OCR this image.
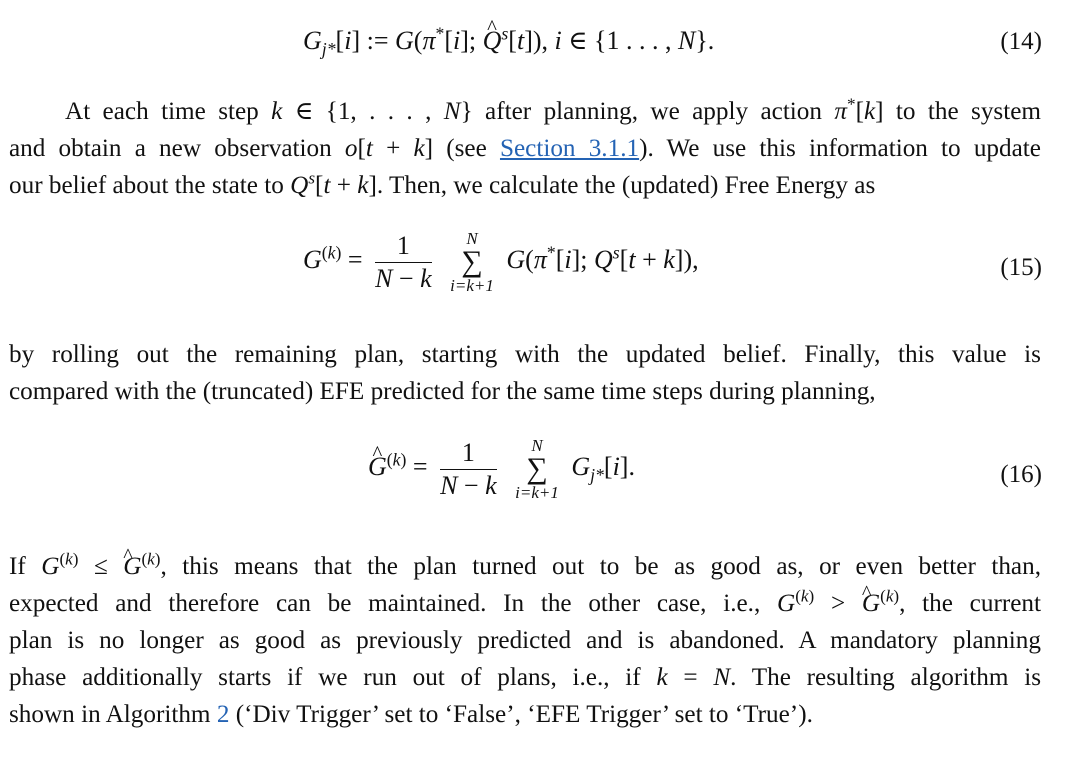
$G_{j*}[i]$ := G(π*[i]; ^ $Q^s[t]$), i ∈ {1 . . . , N}.	(14)
At each time step k ∈ {1, . . . , N} after planning, we apply action π*[k] to the system
and obtain a new observation o[t + k] (see Section 3.1.1). We use this information to update
our belief about the state to $Q^s[t + k]$. Then, we calculate the (updated) Free Energy as
$G^{(k)} = \frac{1}{N - k}$
	N
∑
i=k+1
G(π*[i]; $Q^s[t + k]$),	(15)
by rolling out the remaining plan, starting with the updated belief. Finally, this value is
compared with the (truncated) EFE predicted for the same time steps during planning,
^ $G^{(k)} = \frac{1}{N - k}$
	N
∑
i=k+1
$G_{j*}[i]$.	(16)
If $G^{(k)}$ ≤ ^ $G^{(k)}$, this means that the plan turned out to be as good as, or even better than,
expected and therefore can be maintained. In the other case, i.e., $G^{(k)}$ > ^ $G^{(k)}$, the current
plan is no longer as good as previously predicted and is abandoned. A mandatory planning
phase additionally starts if we run out of plans, i.e., if k = N. The resulting algorithm is
shown in Algorithm 2 (‘Div Trigger’ set to ‘False’, ‘EFE Trigger’ set to ‘True’).
